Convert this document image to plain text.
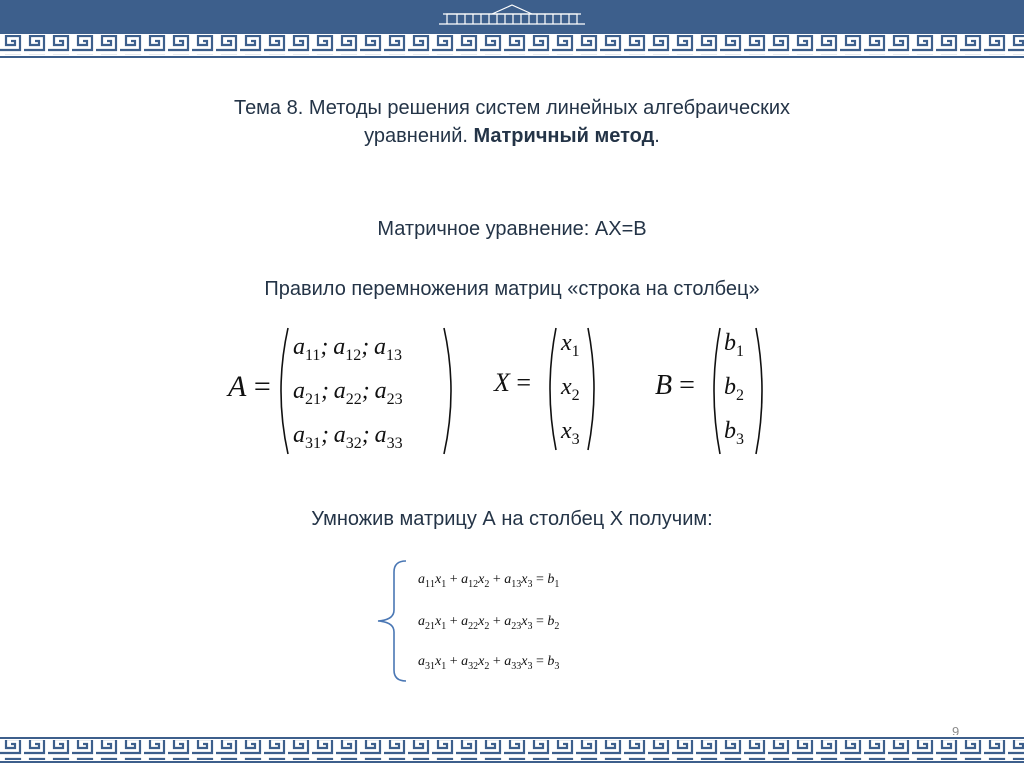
Тема 8. Методы решения систем линейных алгебраических
уравнений. Матричный метод.
Матричное уравнение: АХ=В
Правило перемножения матриц «строка на столбец»
A =
$a_{11}$; $a_{12}$; $a_{13}$
$a_{21}$; $a_{22}$; $a_{23}$
$a_{31}$; $a_{32}$; $a_{33}$
X =
$x_1$
$x_2$
$x_3$
B =
$b_1$
$b_2$
$b_3$
Умножив матрицу А на столбец Х получим:
$a_{11}x_1 + a_{12}x_2 + a_{13}x_3 = b_1$
$a_{21}x_1 + a_{22}x_2 + a_{23}x_3 = b_2$
$a_{31}x_1 + a_{32}x_2 + a_{33}x_3 = b_3$
9
